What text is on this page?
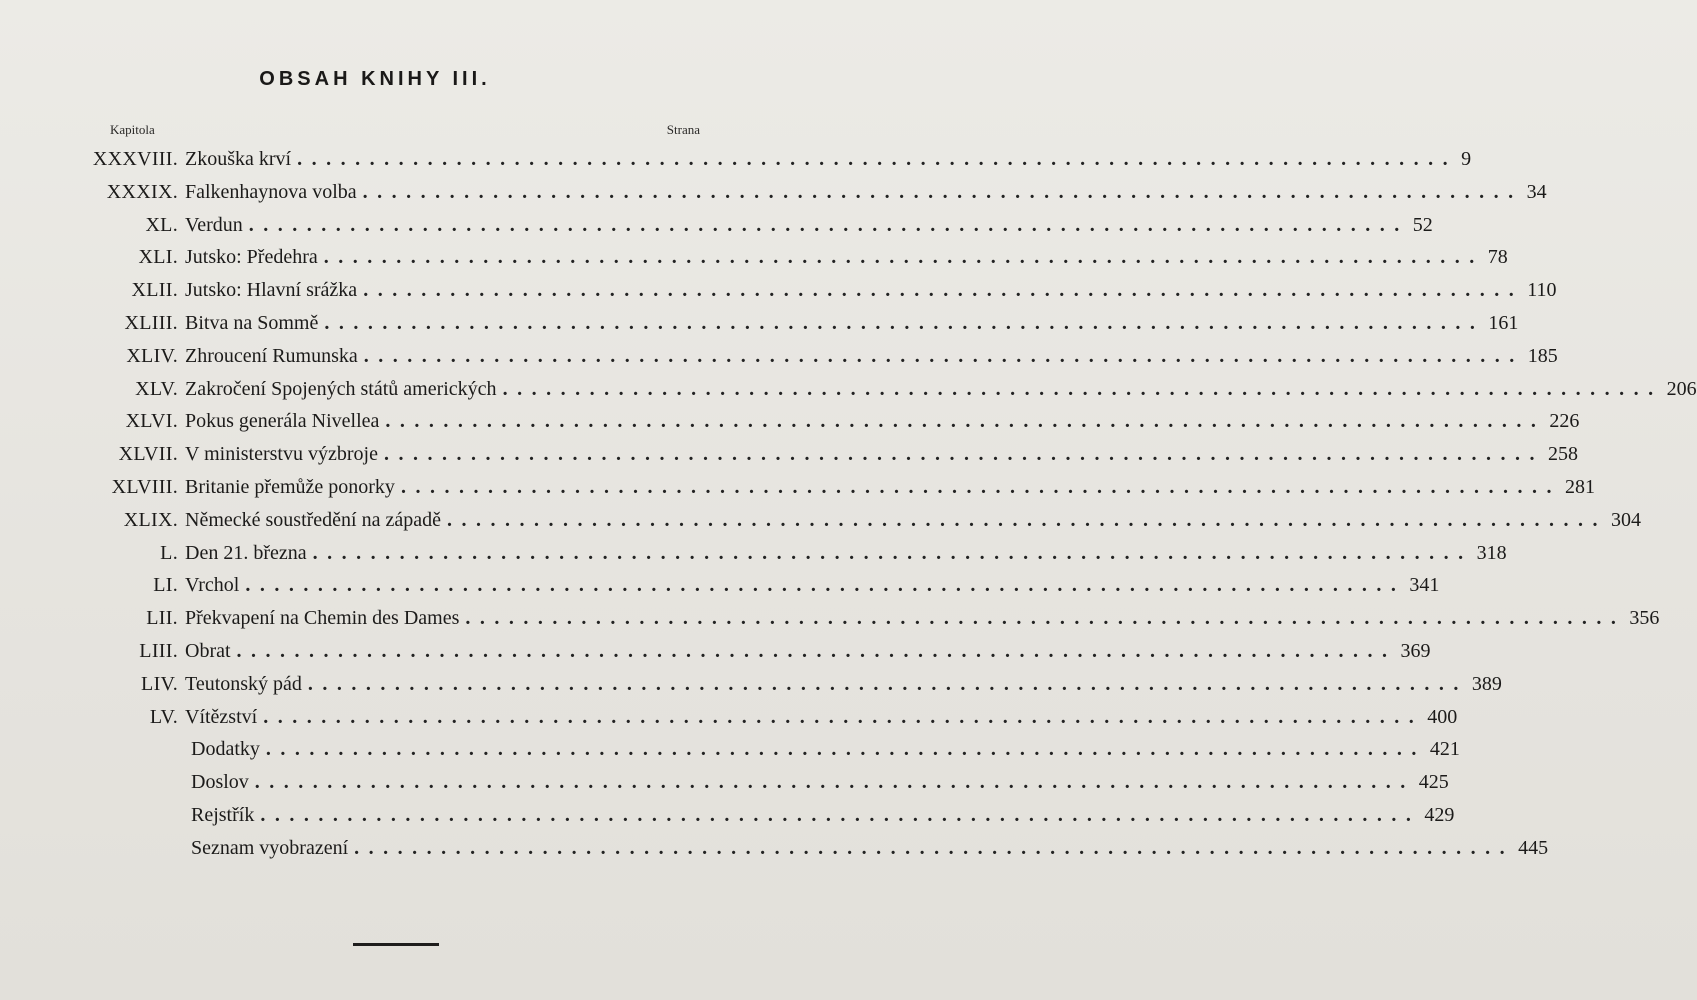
OBSAH KNIHY III.
Kapitola	Strana
XXXVIII. Zkouška krví ................................................................................ 9
XXXIX. Falkenhaynova volba ................................................................................ 34
XL. Verdun ................................................................................ 52
XLI. Jutsko: Předehra ................................................................................ 78
XLII. Jutsko: Hlavní srážka ................................................................................ 110
XLIII. Bitva na Sommě ................................................................................ 161
XLIV. Zhroucení Rumunska ................................................................................ 185
XLV. Zakročení Spojených států amerických ................................................................................ 206
XLVI. Pokus generála Nivellea ................................................................................ 226
XLVII. V ministerstvu výzbroje ................................................................................ 258
XLVIII. Britanie přemůže ponorky ................................................................................ 281
XLIX. Německé soustředění na západě ................................................................................ 304
L. Den 21. března ................................................................................ 318
LI. Vrchol ................................................................................ 341
LII. Překvapení na Chemin des Dames ................................................................................ 356
LIII. Obrat ................................................................................ 369
LIV. Teutonský pád ................................................................................ 389
LV. Vítězství ................................................................................ 400
Dodatky ................................................................................ 421
Doslov ................................................................................ 425
Rejstřík ................................................................................ 429
Seznam vyobrazení ................................................................................ 445
